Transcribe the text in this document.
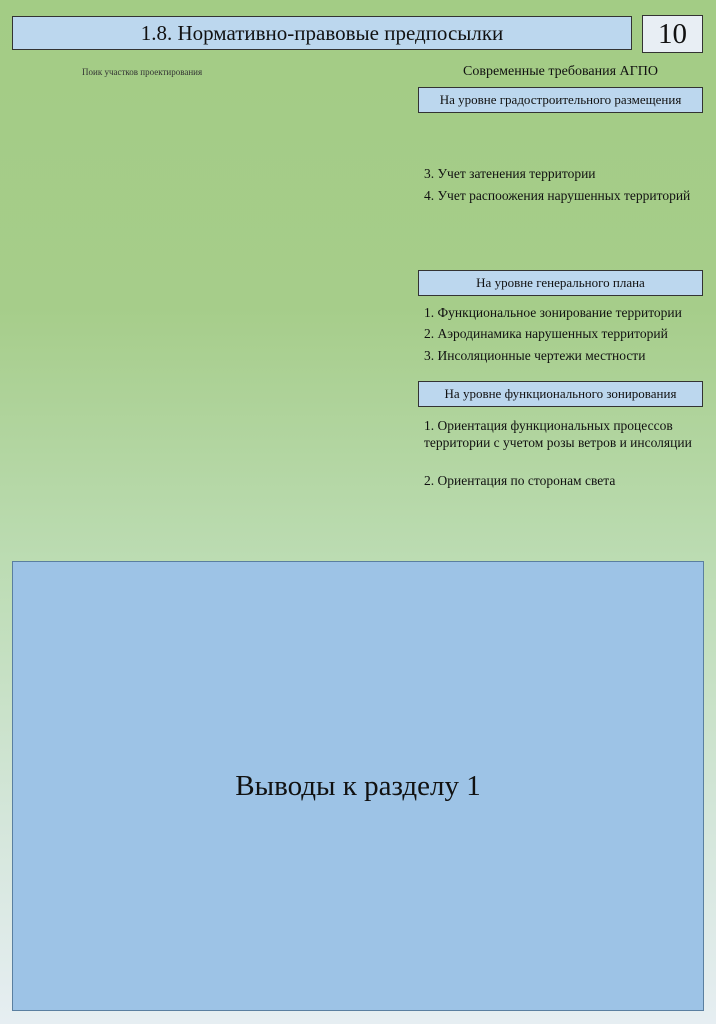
1.8. Нормативно-правовые предпосылки	10
Поик участков проектирования	Современные требования АГПО
На уровне градостроительного размещения
3. Учет затенения территории
4. Учет распоожения нарушенных территорий
На уровне генерального плана
1. Функциональное зонирование территории
2. Аэродинамика нарушенных территорий
3. Инсоляционные чертежи местности
На уровне функционального зонирования
1. Ориентация функциональных процессов территории с учетом розы ветров и инсоляции
2. Ориентация по сторонам света
Выводы к разделу 1
